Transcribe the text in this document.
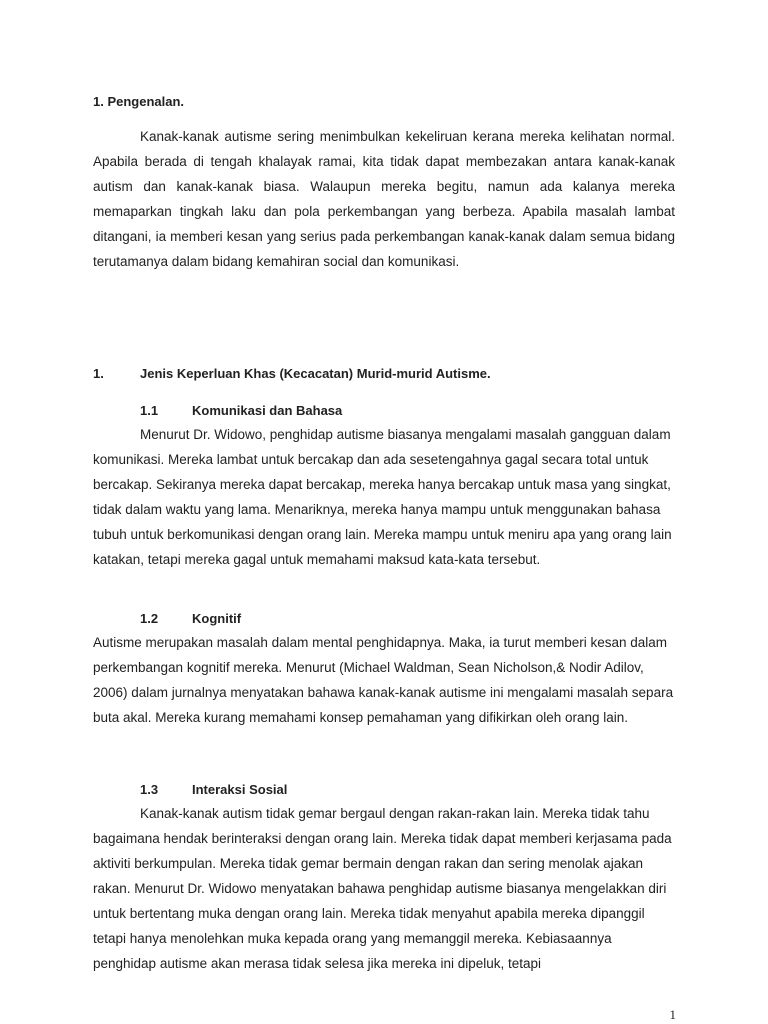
1. Pengenalan.

Kanak-kanak autisme sering menimbulkan kekeliruan kerana mereka kelihatan normal. Apabila berada di tengah khalayak ramai, kita tidak dapat membezakan antara kanak-kanak autism dan kanak-kanak biasa. Walaupun mereka begitu, namun ada kalanya mereka memaparkan tingkah laku dan pola perkembangan yang berbeza. Apabila masalah lambat ditangani, ia memberi kesan yang serius pada perkembangan kanak-kanak dalam semua bidang terutamanya dalam bidang kemahiran social dan komunikasi.

1.	Jenis Keperluan Khas (Kecacatan) Murid-murid Autisme.
1.1	Komunikasi dan Bahasa

Menurut Dr. Widowo, penghidap autisme biasanya mengalami masalah gangguan dalam komunikasi. Mereka lambat untuk bercakap dan ada sesetengahnya gagal secara total untuk bercakap. Sekiranya mereka dapat bercakap, mereka hanya bercakap untuk masa yang singkat, tidak dalam waktu yang lama. Menariknya, mereka hanya mampu untuk menggunakan bahasa tubuh untuk berkomunikasi dengan orang lain. Mereka mampu untuk meniru apa yang orang lain katakan, tetapi mereka gagal untuk memahami maksud kata-kata tersebut.

1.2	Kognitif

Autisme merupakan masalah dalam mental penghidapnya. Maka, ia turut memberi kesan dalam perkembangan kognitif mereka. Menurut (Michael Waldman, Sean Nicholson,& Nodir Adilov, 2006) dalam jurnalnya menyatakan bahawa kanak-kanak autisme ini mengalami masalah separa buta akal. Mereka kurang memahami konsep pemahaman yang difikirkan oleh orang lain.

1.3	Interaksi Sosial

Kanak-kanak autism tidak gemar bergaul dengan rakan-rakan lain. Mereka tidak tahu bagaimana hendak berinteraksi dengan orang lain. Mereka tidak dapat memberi kerjasama pada aktiviti berkumpulan. Mereka tidak gemar bermain dengan rakan dan sering menolak ajakan rakan. Menurut Dr. Widowo menyatakan bahawa penghidap autisme biasanya mengelakkan diri untuk bertentang muka dengan orang lain. Mereka tidak menyahut apabila mereka dipanggil tetapi hanya menolehkan muka kepada orang yang memanggil mereka. Kebiasaannya penghidap autisme akan merasa tidak selesa jika mereka ini dipeluk, tetapi

1
